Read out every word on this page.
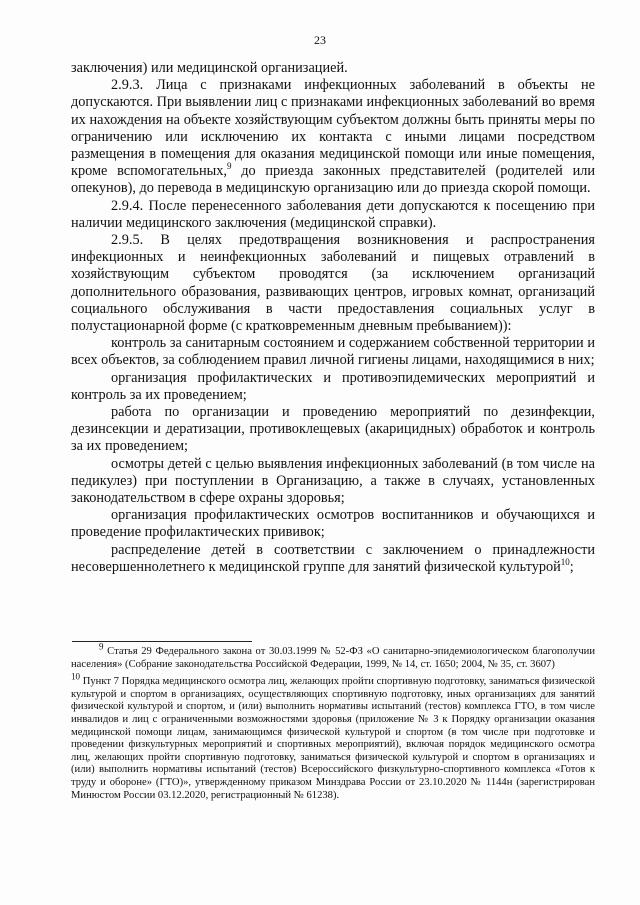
23

заключения) или медицинской организацией.

2.9.3. Лица с признаками инфекционных заболеваний в объекты не допускаются. При выявлении лиц с признаками инфекционных заболеваний во время их нахождения на объекте хозяйствующим субъектом должны быть приняты меры по ограничению или исключению их контакта с иными лицами посредством размещения в помещения для оказания медицинской помощи или иные помещения, кроме вспомогательных,$^9$ до приезда законных представителей (родителей или опекунов), до перевода в медицинскую организацию или до приезда скорой помощи.

2.9.4. После перенесенного заболевания дети допускаются к посещению при наличии медицинского заключения (медицинской справки).

2.9.5. В целях предотвращения возникновения и распространения инфекционных и неинфекционных заболеваний и пищевых отравлений в хозяйствующим субъектом проводятся (за исключением организаций дополнительного образования, развивающих центров, игровых комнат, организаций социального обслуживания в части предоставления социальных услуг в полустационарной форме (с кратковременным дневным пребыванием)):

контроль за санитарным состоянием и содержанием собственной территории и всех объектов, за соблюдением правил личной гигиены лицами, находящимися в них;

организация профилактических и противоэпидемических мероприятий и контроль за их проведением;

работа по организации и проведению мероприятий по дезинфекции, дезинсекции и дератизации, противоклещевых (акарицидных) обработок и контроль за их проведением;

осмотры детей с целью выявления инфекционных заболеваний (в том числе на педикулез) при поступлении в Организацию, а также в случаях, установленных законодательством в сфере охраны здоровья;

организация профилактических осмотров воспитанников и обучающихся и проведение профилактических прививок;

распределение детей в соответствии с заключением о принадлежности несовершеннолетнего к медицинской группе для занятий физической культурой$^{10}$;

$^9$ Статья 29 Федерального закона от 30.03.1999 № 52-ФЗ «О санитарно-эпидемиологическом благополучии населения» (Собрание законодательства Российской Федерации, 1999, № 14, ст. 1650; 2004, № 35, ст. 3607)

$^{10}$ Пункт 7 Порядка медицинского осмотра лиц, желающих пройти спортивную подготовку, заниматься физической культурой и спортом в организациях, осуществляющих спортивную подготовку, иных организациях для занятий физической культурой и спортом, и (или) выполнить нормативы испытаний (тестов) комплекса ГТО, в том числе инвалидов и лиц с ограниченными возможностями здоровья (приложение № 3 к Порядку организации оказания медицинской помощи лицам, занимающимся физической культурой и спортом (в том числе при подготовке и проведении физкультурных мероприятий и спортивных мероприятий), включая порядок медицинского осмотра лиц, желающих пройти спортивную подготовку, заниматься физической культурой и спортом в организациях и (или) выполнить нормативы испытаний (тестов) Всероссийского физкультурно-спортивного комплекса «Готов к труду и обороне» (ГТО)», утвержденному приказом Минздрава России от 23.10.2020 № 1144н (зарегистрирован Минюстом России 03.12.2020, регистрационный № 61238).
